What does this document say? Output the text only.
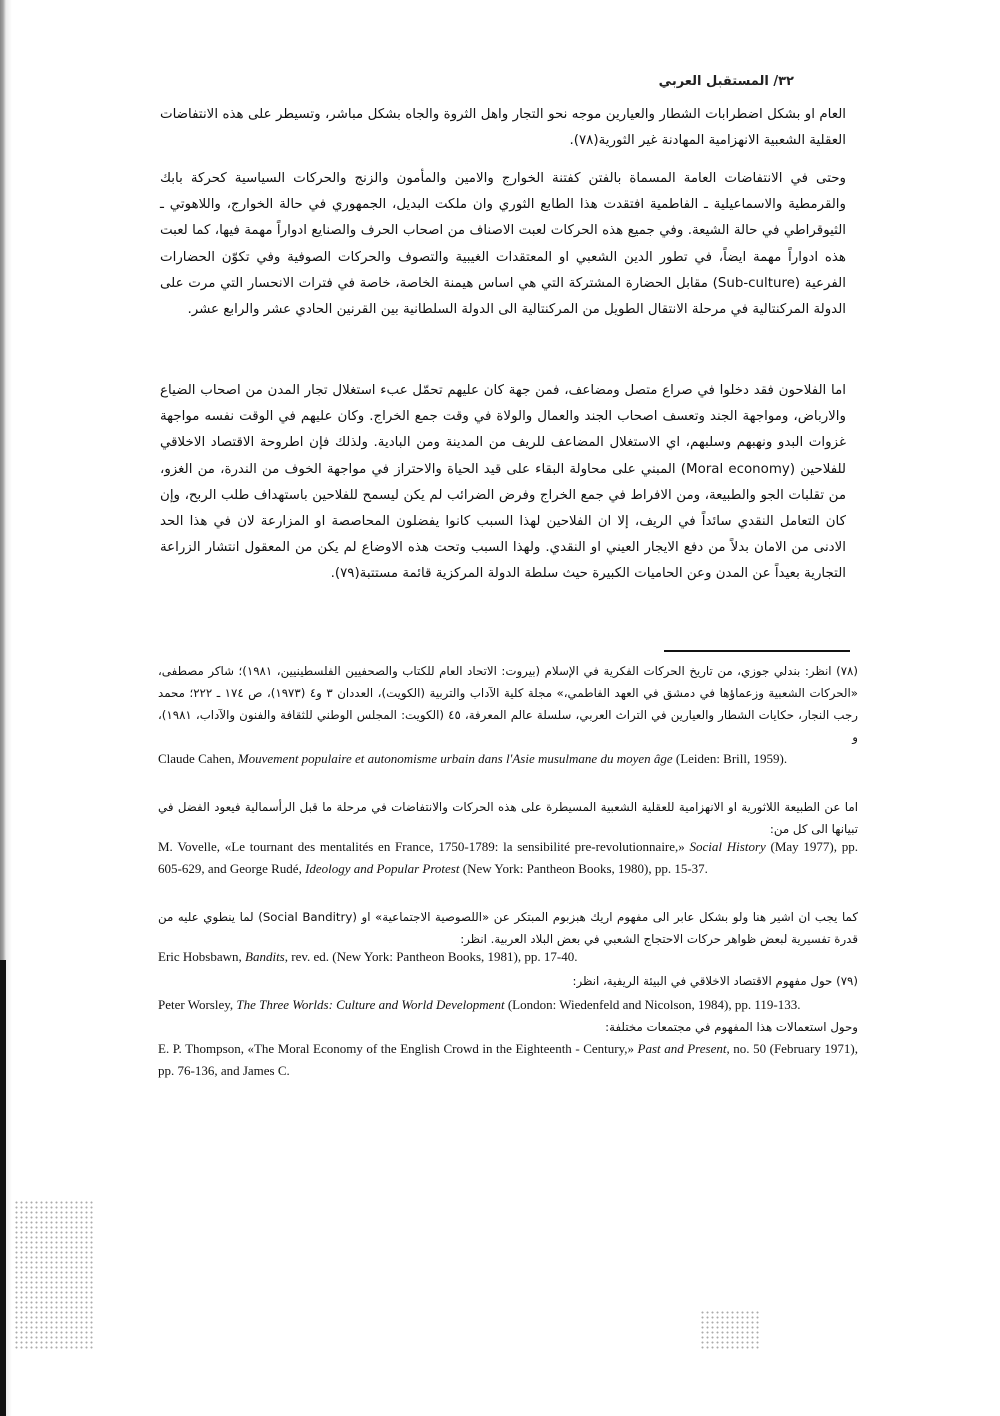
٣٢/ المستقبل العربي

العام او بشكل اضطرابات الشطار والعيارين موجه نحو التجار واهل الثروة والجاه بشكل مباشر، وتسيطر على هذه الانتفاضات العقلية الشعبية الانهزامية المهادنة غير الثورية(٧٨).

وحتى في الانتفاضات العامة المسماة بالفتن كفتنة الخوارج والامين والمأمون والزنج والحركات السياسية كحركة بابك والقرمطية والاسماعيلية ـ الفاطمية افتقدت هذا الطابع الثوري وان ملكت البديل، الجمهوري في حالة الخوارج، واللاهوتي ـ الثيوقراطي في حالة الشيعة. وفي جميع هذه الحركات لعبت الاصناف من اصحاب الحرف والصنايع ادواراً مهمة فيها، كما لعبت هذه ادواراً مهمة ايضاً، في تطور الدين الشعبي او المعتقدات الغيبية والتصوف والحركات الصوفية وفي تكوّن الحضارات الفرعية (Sub-culture) مقابل الحضارة المشتركة التي هي اساس هيمنة الخاصة، خاصة في فترات الانحسار التي مرت على الدولة المركنتالية في مرحلة الانتقال الطويل من المركنتالية الى الدولة السلطانية بين القرنين الحادي عشر والرابع عشر.

اما الفلاحون فقد دخلوا في صراع متصل ومضاعف، فمن جهة كان عليهم تحمّل عبء استغلال تجار المدن من اصحاب الضياع والارباض، ومواجهة الجند وتعسف اصحاب الجند والعمال والولاة في وقت جمع الخراج. وكان عليهم في الوقت نفسه مواجهة غزوات البدو ونهبهم وسلبهم، اي الاستغلال المضاعف للريف من المدينة ومن البادية. ولذلك فإن اطروحة الاقتصاد الاخلاقي للفلاحين (Moral economy) المبني على محاولة البقاء على قيد الحياة والاحتراز في مواجهة الخوف من الندرة، من الغزو، من تقلبات الجو والطبيعة، ومن الافراط في جمع الخراج وفرض الضرائب لم يكن ليسمح للفلاحين باستهداف طلب الربح، وإن كان التعامل النقدي سائداً في الريف، إلا ان الفلاحين لهذا السبب كانوا يفضلون المحاصصة او المزارعة لان في هذا الحد الادنى من الامان بدلاً من دفع الايجار العيني او النقدي. ولهذا السبب وتحت هذه الاوضاع لم يكن من المعقول انتشار الزراعة التجارية بعيداً عن المدن وعن الحاميات الكبيرة حيث سلطة الدولة المركزية قائمة مستتبة(٧٩).

(٧٨) انظر: بندلي جوزي، من تاريخ الحركات الفكرية في الإسلام (بيروت: الاتحاد العام للكتاب والصحفيين الفلسطينيين، ١٩٨١)؛ شاكر مصطفى، «الحركات الشعبية وزعماؤها في دمشق في العهد الفاطمي،» مجلة كلية الآداب والتربية (الكويت)، العددان ٣ و٤ (١٩٧٣)، ص ١٧٤ ـ ٢٢٢؛ محمد رجب النجار، حكايات الشطار والعيارين في التراث العربي، سلسلة عالم المعرفة، ٤٥ (الكويت: المجلس الوطني للثقافة والفنون والآداب، ١٩٨١)، و

Claude Cahen, Mouvement populaire et autonomisme urbain dans l'Asie musulmane du moyen âge (Leiden: Brill, 1959).

اما عن الطبيعة اللاثورية او الانهزامية للعقلية الشعبية المسيطرة على هذه الحركات والانتفاضات في مرحلة ما قبل الرأسمالية فيعود الفضل في تبيانها الى كل من:

M. Vovelle, «Le tournant des mentalités en France, 1750-1789: la sensibilité pre-revolutionnaire,» Social History (May 1977), pp. 605-629, and George Rudé, Ideology and Popular Protest (New York: Pantheon Books, 1980), pp. 15-37.

كما يجب ان اشير هنا ولو بشكل عابر الى مفهوم اريك هبزبوم المبتكر عن «اللصوصية الاجتماعية» او (Social Banditry) لما ينطوي عليه من قدرة تفسيرية لبعض ظواهر حركات الاحتجاج الشعبي في بعض البلاد العربية. انظر:

Eric Hobsbawn, Bandits, rev. ed. (New York: Pantheon Books, 1981), pp. 17-40.

(٧٩) حول مفهوم الاقتصاد الاخلاقي في البيئة الريفية، انظر:

Peter Worsley, The Three Worlds: Culture and World Development (London: Wiedenfeld and Nicolson, 1984), pp. 119-133.

وحول استعمالات هذا المفهوم في مجتمعات مختلفة:

E. P. Thompson, «The Moral Economy of the English Crowd in the Eighteenth - Century,» Past and Present, no. 50 (February 1971), pp. 76-136, and James C.
